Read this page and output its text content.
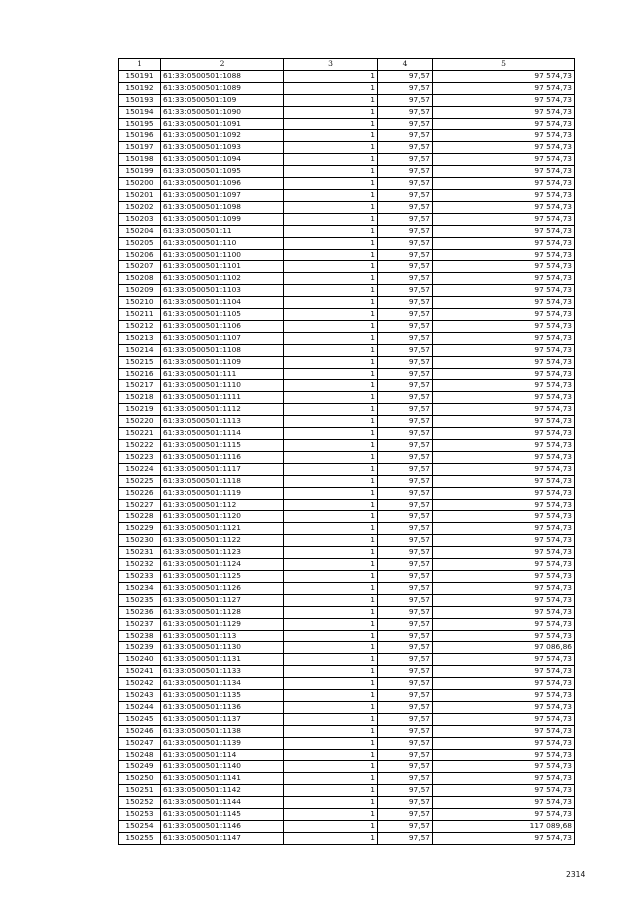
1	2	3	4	5
150191	61:33:0500501:1088	1	97,57	97 574,73
150192	61:33:0500501:1089	1	97,57	97 574,73
150193	61:33:0500501:109	1	97,57	97 574,73
150194	61:33:0500501:1090	1	97,57	97 574,73
150195	61:33:0500501:1091	1	97,57	97 574,73
150196	61:33:0500501:1092	1	97,57	97 574,73
150197	61:33:0500501:1093	1	97,57	97 574,73
150198	61:33:0500501:1094	1	97,57	97 574,73
150199	61:33:0500501:1095	1	97,57	97 574,73
150200	61:33:0500501:1096	1	97,57	97 574,73
150201	61:33:0500501:1097	1	97,57	97 574,73
150202	61:33:0500501:1098	1	97,57	97 574,73
150203	61:33:0500501:1099	1	97,57	97 574,73
150204	61:33:0500501:11	1	97,57	97 574,73
150205	61:33:0500501:110	1	97,57	97 574,73
150206	61:33:0500501:1100	1	97,57	97 574,73
150207	61:33:0500501:1101	1	97,57	97 574,73
150208	61:33:0500501:1102	1	97,57	97 574,73
150209	61:33:0500501:1103	1	97,57	97 574,73
150210	61:33:0500501:1104	1	97,57	97 574,73
150211	61:33:0500501:1105	1	97,57	97 574,73
150212	61:33:0500501:1106	1	97,57	97 574,73
150213	61:33:0500501:1107	1	97,57	97 574,73
150214	61:33:0500501:1108	1	97,57	97 574,73
150215	61:33:0500501:1109	1	97,57	97 574,73
150216	61:33:0500501:111	1	97,57	97 574,73
150217	61:33:0500501:1110	1	97,57	97 574,73
150218	61:33:0500501:1111	1	97,57	97 574,73
150219	61:33:0500501:1112	1	97,57	97 574,73
150220	61:33:0500501:1113	1	97,57	97 574,73
150221	61:33:0500501:1114	1	97,57	97 574,73
150222	61:33:0500501:1115	1	97,57	97 574,73
150223	61:33:0500501:1116	1	97,57	97 574,73
150224	61:33:0500501:1117	1	97,57	97 574,73
150225	61:33:0500501:1118	1	97,57	97 574,73
150226	61:33:0500501:1119	1	97,57	97 574,73
150227	61:33:0500501:112	1	97,57	97 574,73
150228	61:33:0500501:1120	1	97,57	97 574,73
150229	61:33:0500501:1121	1	97,57	97 574,73
150230	61:33:0500501:1122	1	97,57	97 574,73
150231	61:33:0500501:1123	1	97,57	97 574,73
150232	61:33:0500501:1124	1	97,57	97 574,73
150233	61:33:0500501:1125	1	97,57	97 574,73
150234	61:33:0500501:1126	1	97,57	97 574,73
150235	61:33:0500501:1127	1	97,57	97 574,73
150236	61:33:0500501:1128	1	97,57	97 574,73
150237	61:33:0500501:1129	1	97,57	97 574,73
150238	61:33:0500501:113	1	97,57	97 574,73
150239	61:33:0500501:1130	1	97,57	97 086,86
150240	61:33:0500501:1131	1	97,57	97 574,73
150241	61:33:0500501:1133	1	97,57	97 574,73
150242	61:33:0500501:1134	1	97,57	97 574,73
150243	61:33:0500501:1135	1	97,57	97 574,73
150244	61:33:0500501:1136	1	97,57	97 574,73
150245	61:33:0500501:1137	1	97,57	97 574,73
150246	61:33:0500501:1138	1	97,57	97 574,73
150247	61:33:0500501:1139	1	97,57	97 574,73
150248	61:33:0500501:114	1	97,57	97 574,73
150249	61:33:0500501:1140	1	97,57	97 574,73
150250	61:33:0500501:1141	1	97,57	97 574,73
150251	61:33:0500501:1142	1	97,57	97 574,73
150252	61:33:0500501:1144	1	97,57	97 574,73
150253	61:33:0500501:1145	1	97,57	97 574,73
150254	61:33:0500501:1146	1	97,57	117 089,68
150255	61:33:0500501:1147	1	97,57	97 574,73
2314
